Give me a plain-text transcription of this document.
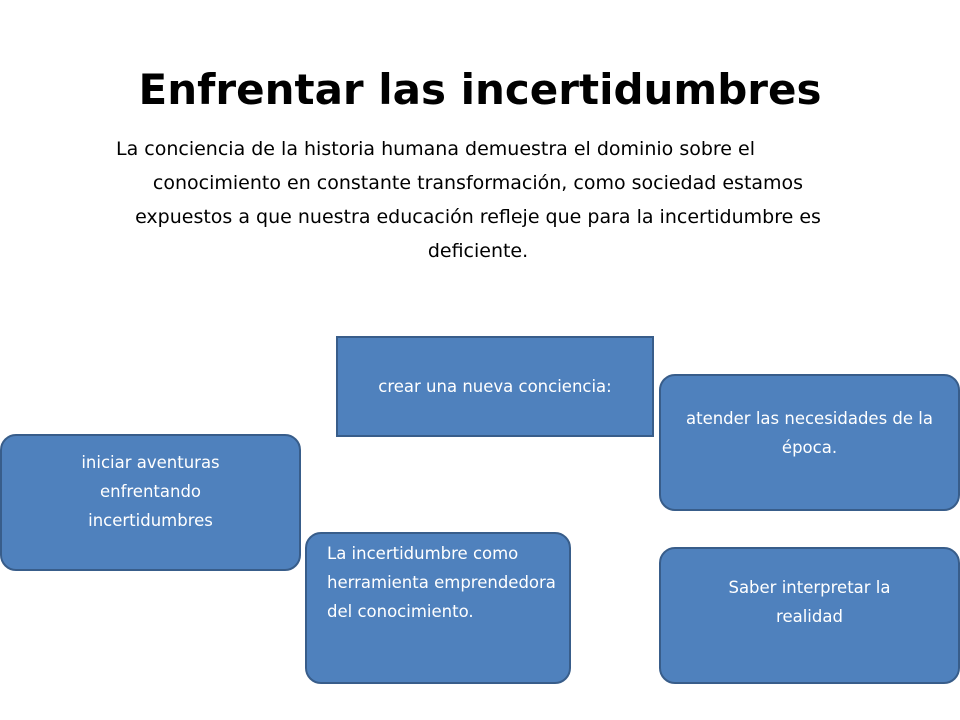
Enfrentar las incertidumbres
La conciencia de la historia humana demuestra el dominio sobre el
conocimiento en constante transformación, como sociedad estamos
expuestos a que nuestra educación refleje que para la incertidumbre es
deficiente.
crear una nueva conciencia:
atender las necesidades de la época.
iniciar aventuras enfrentando incertidumbres
La incertidumbre como herramienta emprendedora del conocimiento.
Saber interpretar la realidad
